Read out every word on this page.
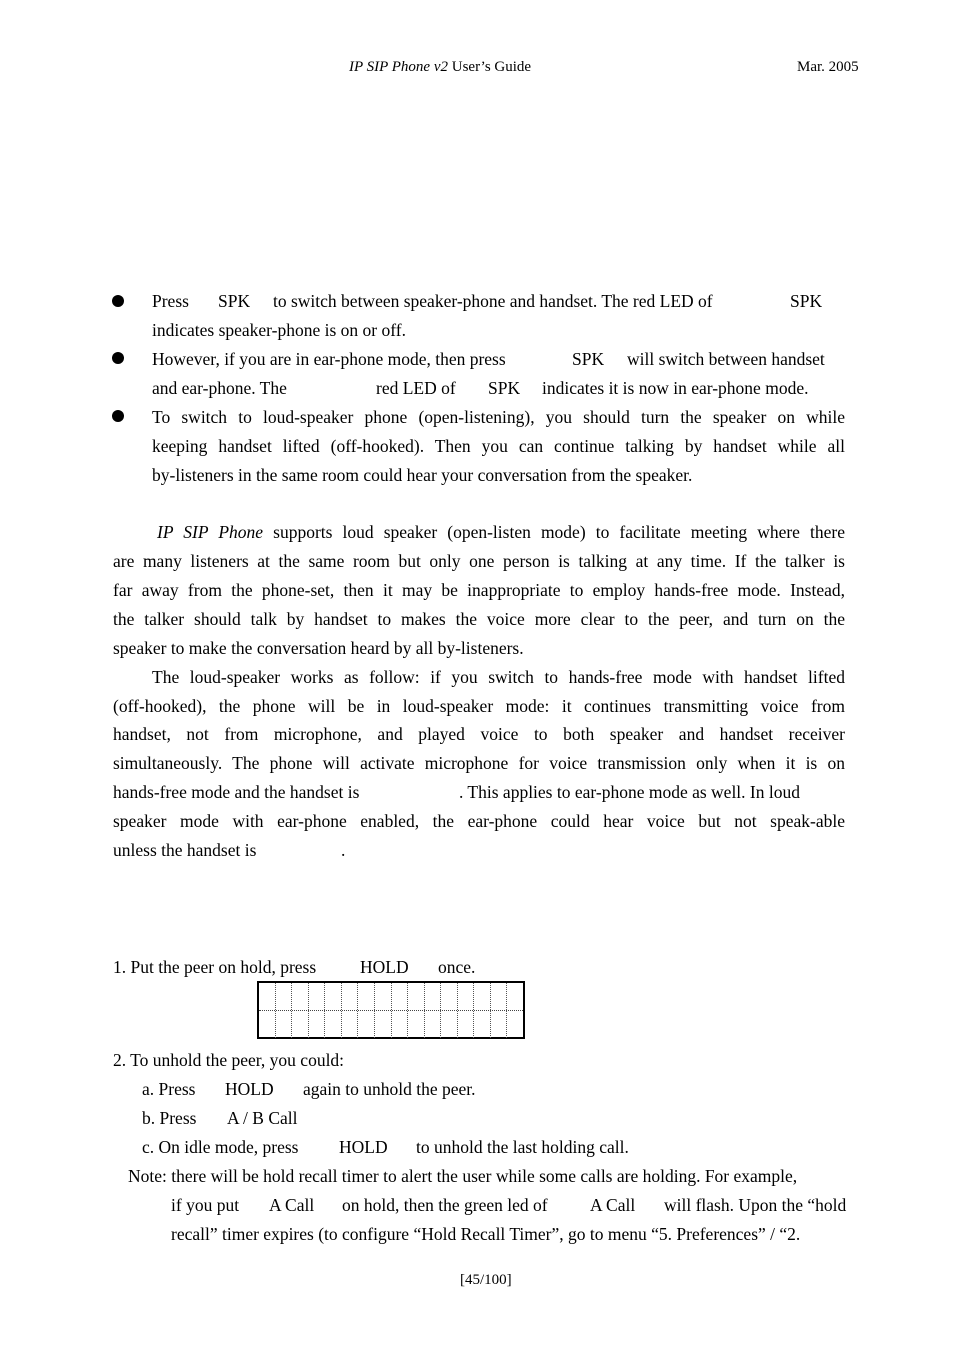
IP SIP Phone v2 User’s Guide	Mar. 2005
Press SPK to switch between speaker-phone and handset. The red LED of	SPK
indicates speaker-phone is on or off.
However, if you are in ear-phone mode, then press	SPK will switch between handset
and ear-phone. The	red LED of SPK indicates it is now in ear-phone mode.
To switch to loud-speaker phone (open-listening), you should turn the speaker on while
keeping handset lifted (off-hooked). Then you can continue talking by handset while all
by-listeners in the same room could hear your conversation from the speaker.
IP SIP Phone supports loud speaker (open-listen mode) to facilitate meeting where there
are many listeners at the same room but only one person is talking at any time. If the talker is
far away from the phone-set, then it may be inappropriate to employ hands-free mode. Instead,
the talker should talk by handset to makes the voice more clear to the peer, and turn on the
speaker to make the conversation heard by all by-listeners.
The loud-speaker works as follow: if you switch to hands-free mode with handset lifted
(off-hooked), the phone will be in loud-speaker mode: it continues transmitting voice from
handset, not from microphone, and played voice to both speaker and handset receiver
simultaneously. The phone will activate microphone for voice transmission only when it is on
hands-free mode and the handset is	. This applies to ear-phone mode as well. In loud
speaker mode with ear-phone enabled, the ear-phone could hear voice but not speak-able
unless the handset is	.
1. Put the peer on hold, press	HOLD once.
2. To unhold the peer, you could:
a. Press HOLD again to unhold the peer.
b. Press A / B Call
c. On idle mode, press HOLD to unhold the last holding call.
Note: there will be hold recall timer to alert the user while some calls are holding. For example,
if you put A Call on hold, then the green led of A Call will flash. Upon the “hold
recall” timer expires (to configure “Hold Recall Timer”, go to menu “5. Preferences” / “2.
[45/100]
